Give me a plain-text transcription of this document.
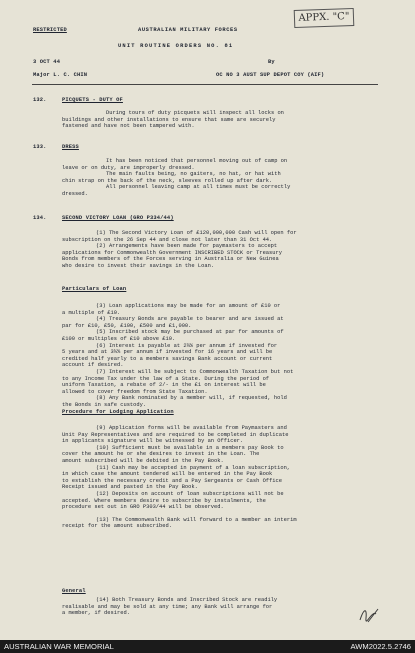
RESTRICTED	AUSTRALIAN MILITARY FORCES
APPX. "C"
UNIT ROUTINE ORDERS NO. 81
3 OCT 44	By
Major L. C. CHIN	OC NO 3 AUST SUP DEPOT COY (AIF)
132.	PICQUETS - DUTY OF
During tours of duty picquets will inspect all locks on
buildings and other installations to ensure that same are securely
fastened and have not been tampered with.
133.	DRESS
It has been noticed that personnel moving out of camp on
leave or on duty, are improperly dressed.
The main faults being, no gaiters, no hat, or hat with
chin strap on the back of the neck, sleeves rolled up after dark.
All personnel leaving camp at all times must be correctly
dressed.
134.	SECOND VICTORY LOAN (GRO P334/44)
(1) The Second Victory Loan of £120,000,000 Cash will open for
subscription on the 26 Sep 44 and close not later than 31 Oct 44.
(2) Arrangements have been made for paymasters to accept
applications for Commonwealth Government INSCRIBED STOCK or Treasury
Bonds from members of the Forces serving in Australia or New Guinea
who desire to invest their savings in the Loan.
Particulars of Loan
(3) Loan applications may be made for an amount of £10 or
a multiple of £10.
(4) Treasury Bonds are payable to bearer and are issued at
par for £10, £50, £100, £500 and £1,000.
(5) Inscribed stock may be purchased at par for amounts of
£100 or multiples of £10 above £10.
(6) Interest is payable at 2¼% per annum if invested for
5 years and at 3¼% per annum if invested for 16 years and will be
credited half yearly to a members savings Bank account or current
account if desired.
(7) Interest will be subject to Commonwealth Taxation but not
to any Income Tax under the law of a State. During the period of
uniform Taxation, a rebate of 2/- in the £1 on interest will be
allowed to cover freedom from State Taxation.
(8) Any Bank nominated by a member will, if requested, hold
the Bonds in safe custody.
Procedure for Lodging Application
(9) Application forms will be available from Paymasters and
Unit Pay Representatives and are required to be completed in duplicate
in applicants signature will be witnessed by an Officer.
(10) Sufficient must be available in a members pay Book to
cover the amount he or she desires to invest in the Loan. The
amount subscribed will be debited in the Pay Book.
(11) Cash may be accepted in payment of a loan subscription,
in which case the amount tendered will be entered in the Pay Book
to establish the necessary credit and a Pay Sergeants or Cash Office
Receipt issued and pasted in the Pay Book.
(12) Deposits on account of loan subscriptions will not be
accepted. Where members desire to subscribe by instalments, the
procedure set out in GRO P303/44 will be observed.
(13) The Commonwealth Bank will forward to a member an interim
receipt for the amount subscribed.
General
(14) Both Treasury Bonds and Inscribed Stock are readily
realisable and may be sold at any time; any Bank will arrange for
a member, if desired.
AUSTRALIAN WAR MEMORIAL	AWM2022.5.2746
